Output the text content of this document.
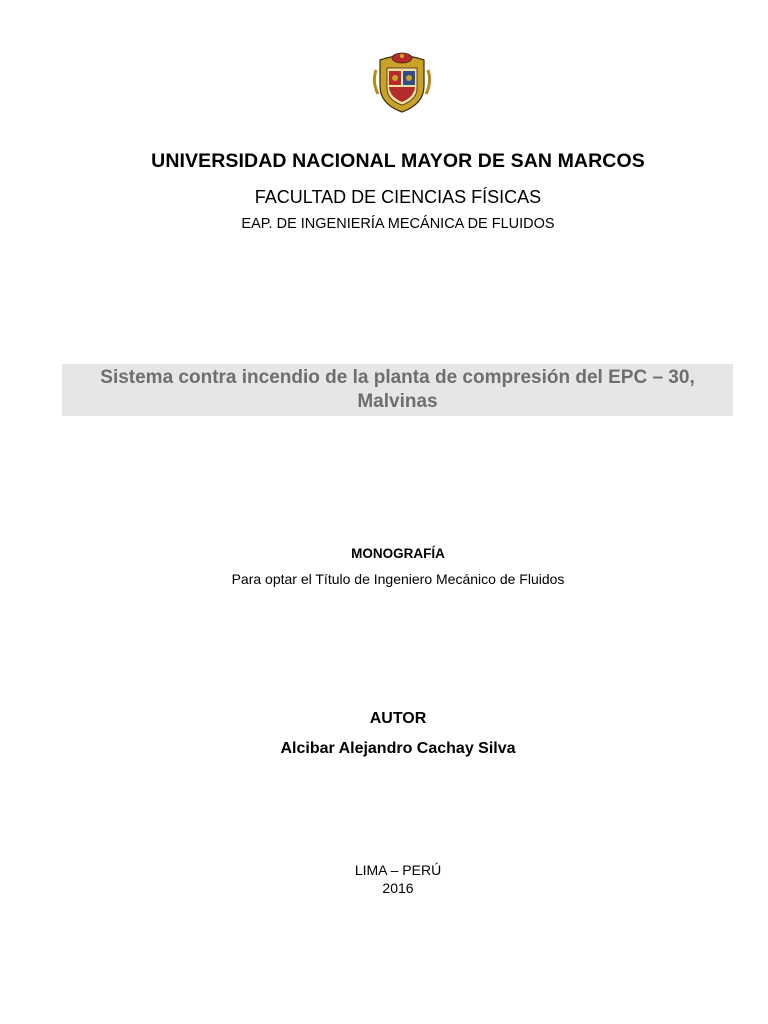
UNIVERSIDAD NACIONAL MAYOR DE SAN MARCOS
FACULTAD DE CIENCIAS FÍSICAS
EAP. DE INGENIERÍA MECÁNICA DE FLUIDOS
Sistema contra incendio de la planta de compresión del EPC – 30,
Malvinas
MONOGRAFÍA
Para optar el Título de Ingeniero Mecánico de Fluidos
AUTOR
Alcibar Alejandro Cachay Silva
LIMA – PERÚ
2016
